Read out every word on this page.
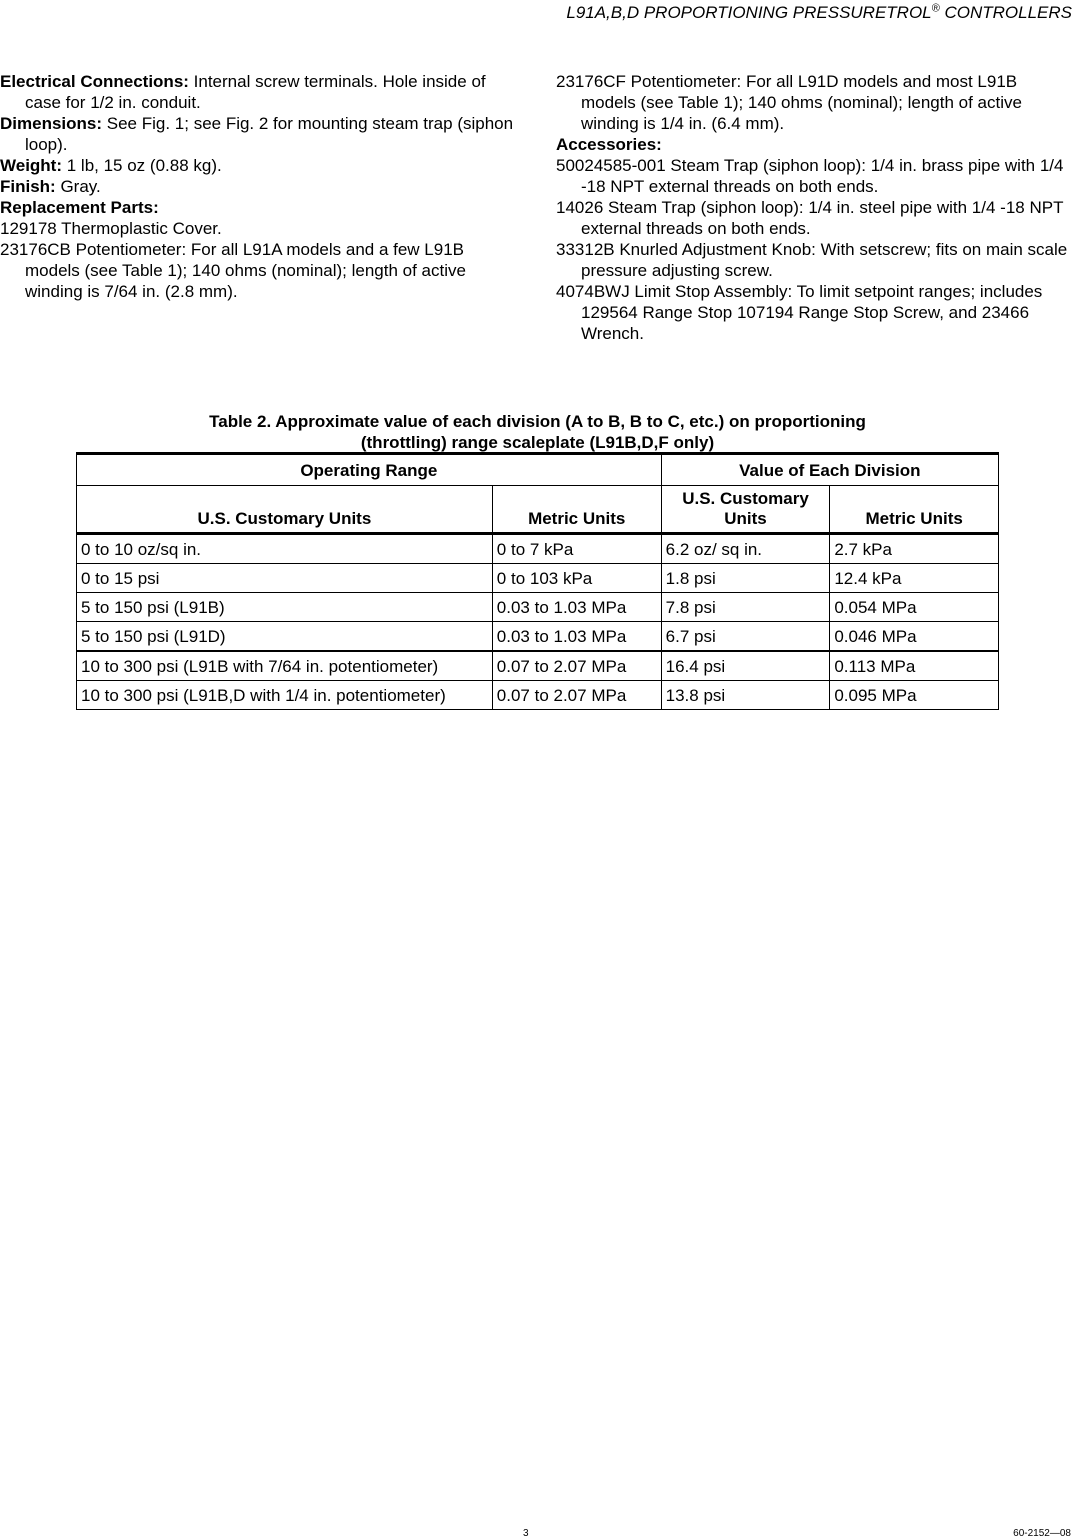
L91A,B,D PROPORTIONING PRESSURETROL® CONTROLLERS

Electrical Connections: Internal screw terminals. Hole inside of case for 1/2 in. conduit.

Dimensions: See Fig. 1; see Fig. 2 for mounting steam trap (siphon loop).

Weight: 1 lb, 15 oz (0.88 kg).

Finish: Gray.

Replacement Parts:

129178 Thermoplastic Cover.

23176CB Potentiometer: For all L91A models and a few L91B models (see Table 1); 140 ohms (nominal); length of active winding is 7/64 in. (2.8 mm).

23176CF Potentiometer: For all L91D models and most L91B models (see Table 1); 140 ohms (nominal); length of active winding is 1/4 in. (6.4 mm).

Accessories:

50024585-001 Steam Trap (siphon loop): 1/4 in. brass pipe with 1/4 -18 NPT external threads on both ends.

14026 Steam Trap (siphon loop): 1/4 in. steel pipe with 1/4 -18 NPT external threads on both ends.

33312B Knurled Adjustment Knob: With setscrew; fits on main scale pressure adjusting screw.

4074BWJ Limit Stop Assembly: To limit setpoint ranges; includes 129564 Range Stop 107194 Range Stop Screw, and 23466 Wrench.

Table 2. Approximate value of each division (A to B, B to C, etc.) on proportioning
(throttling) range scaleplate (L91B,D,F only)
Operating Range		Value of Each Division	
U.S. Customary Units	Metric Units	U.S. Customary Units	Metric Units
0 to 10 oz/sq in.	0 to 7 kPa	6.2 oz/ sq in.	2.7 kPa
0 to 15 psi	0 to 103 kPa	1.8 psi	12.4 kPa
5 to 150 psi (L91B)	0.03 to 1.03 MPa	7.8 psi	0.054 MPa
5 to 150 psi (L91D)	0.03 to 1.03 MPa	6.7 psi	0.046 MPa
10 to 300 psi (L91B with 7/64 in. potentiometer)	0.07 to 2.07 MPa	16.4 psi	0.113 MPa
10 to 300 psi (L91B,D with 1/4 in. potentiometer)	0.07 to 2.07 MPa	13.8 psi	0.095 MPa
3	60-2152—08
